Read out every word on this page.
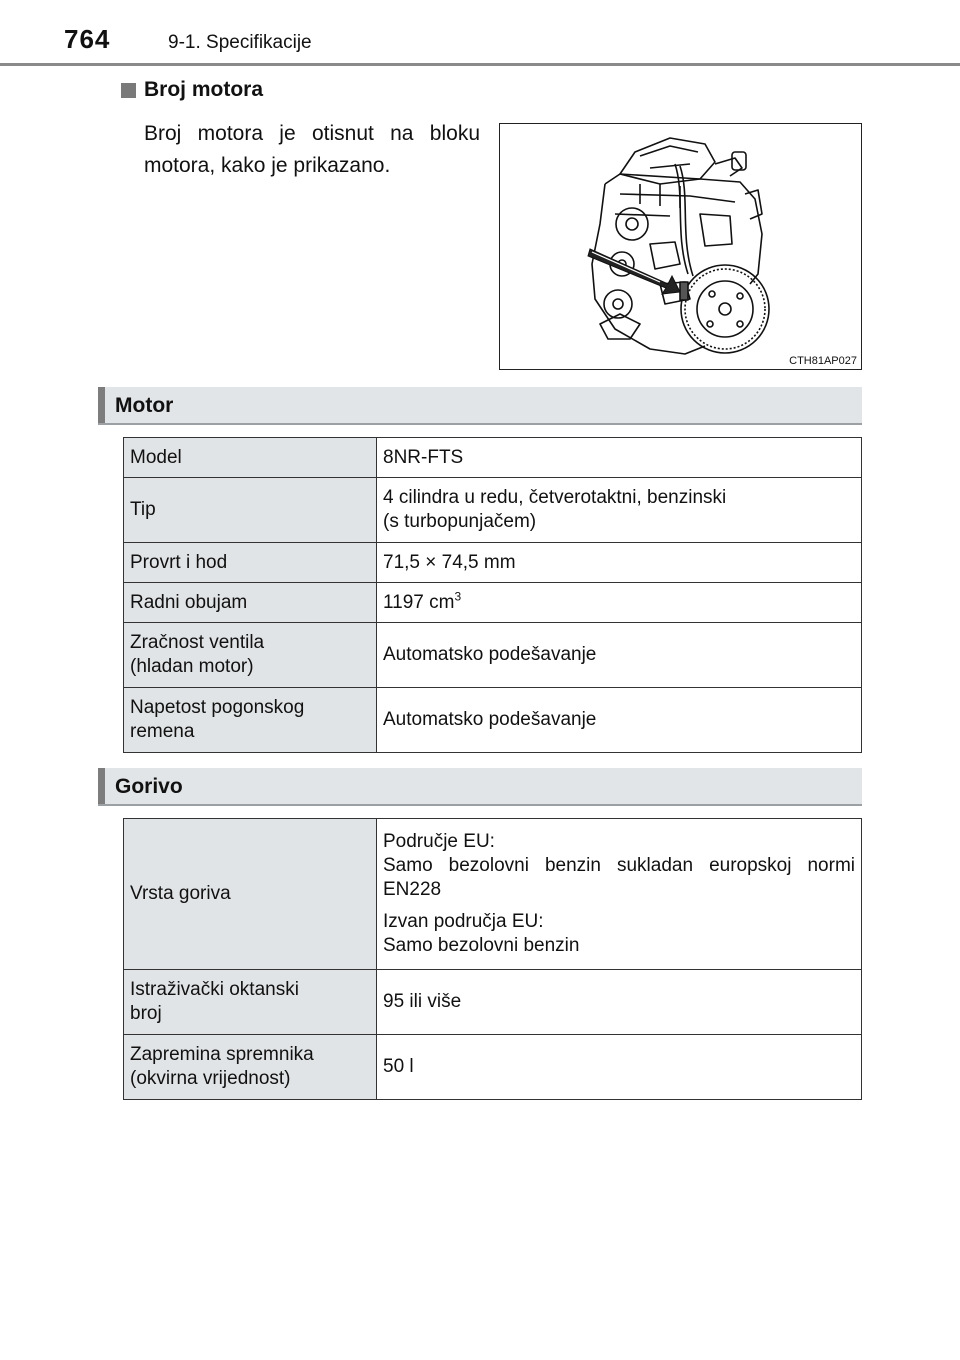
764	9-1. Specifikacije
Broj motora
Broj motora je otisnut na bloku motora, kako je prikazano.
CTH81AP027
Motor
Model	8NR-FTS
Tip	4 cilindra u redu, četverotaktni, benzinski
(s turbopunjačem)

Provrt i hod	71,5 × 74,5 mm
Radni obujam	1197 $cm^3$

Zračnost ventila
(hladan motor)	Automatsko podešavanje

Napetost pogonskog
remena	Automatsko podešavanje
Gorivo
Vrsta goriva	Područje EU:
Samo bezolovni benzin sukladan europskoj normi EN228
Izvan područja EU:
Samo bezolovni benzin

Istraživački oktanski
broj	95 ili više

Zapremina spremnika
(okvirna vrijednost)	50 l
